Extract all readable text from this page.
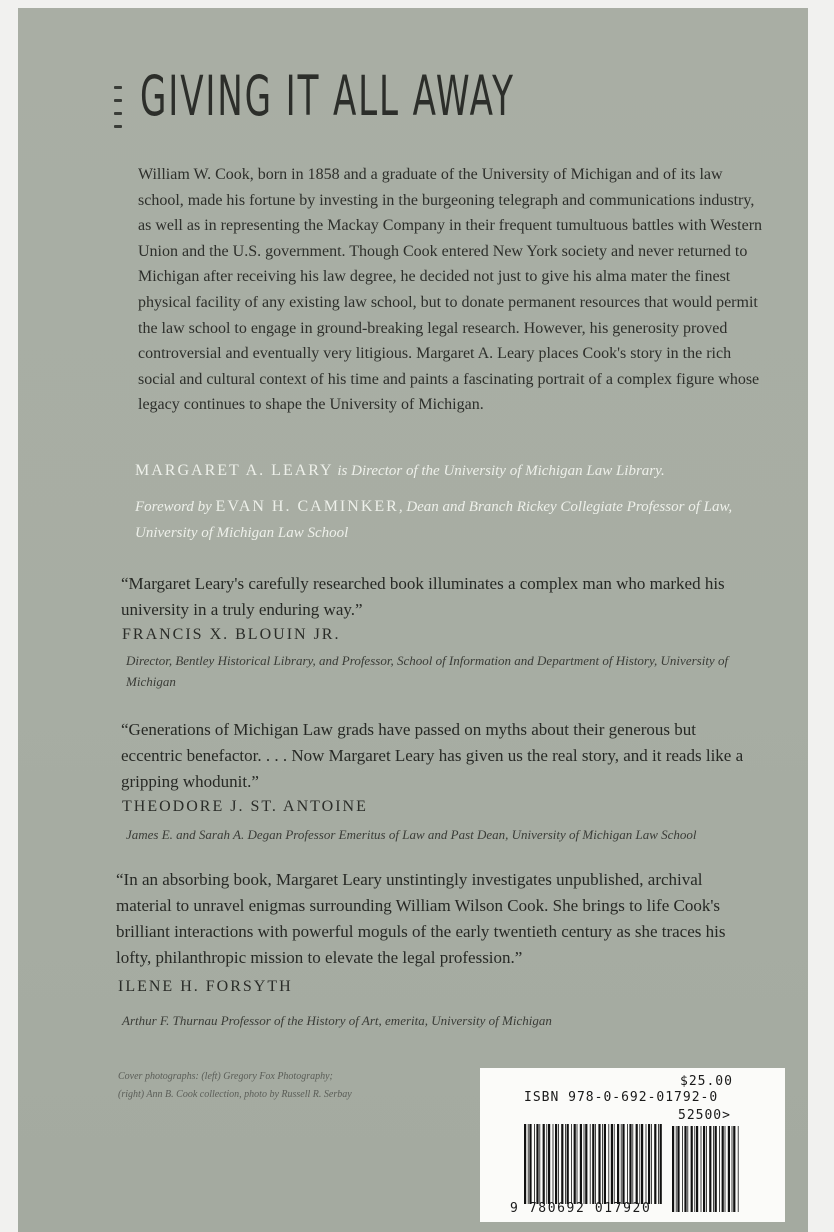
GIVING IT ALL AWAY

William W. Cook, born in 1858 and a graduate of the University of Michigan and of its law school, made his fortune by investing in the burgeoning telegraph and communications industry, as well as in representing the Mackay Company in their frequent tumultuous battles with Western Union and the U.S. government. Though Cook entered New York society and never returned to Michigan after receiving his law degree, he decided not just to give his alma mater the finest physical facility of any existing law school, but to donate permanent resources that would permit the law school to engage in ground-breaking legal research. However, his generosity proved controversial and eventually very litigious. Margaret A. Leary places Cook's story in the rich social and cultural context of his time and paints a fascinating portrait of a complex figure whose legacy continues to shape the University of Michigan.

MARGARET A. LEARY is Director of the University of Michigan Law Library.

Foreword by EVAN H. CAMINKER, Dean and Branch Rickey Collegiate Professor of Law, University of Michigan Law School

“Margaret Leary's carefully researched book illuminates a complex man who marked his university in a truly enduring way.”

FRANCIS X. BLOUIN JR.

Director, Bentley Historical Library, and Professor, School of Information and Department of History, University of Michigan

“Generations of Michigan Law grads have passed on myths about their generous but eccentric benefactor. . . . Now Margaret Leary has given us the real story, and it reads like a gripping whodunit.”

THEODORE J. ST. ANTOINE

James E. and Sarah A. Degan Professor Emeritus of Law and Past Dean, University of Michigan Law School

“In an absorbing book, Margaret Leary unstintingly investigates unpublished, archival material to unravel enigmas surrounding William Wilson Cook. She brings to life Cook's brilliant interactions with powerful moguls of the early twentieth century as she traces his lofty, philanthropic mission to elevate the legal profession.”

ILENE H. FORSYTH

Arthur F. Thurnau Professor of the History of Art, emerita, University of Michigan

Cover photographs: (left) Gregory Fox Photography;
(right) Ann B. Cook collection, photo by Russell R. Serbay
$25.00
ISBN 978-0-692-01792-0
52500>
9 780692 017920
